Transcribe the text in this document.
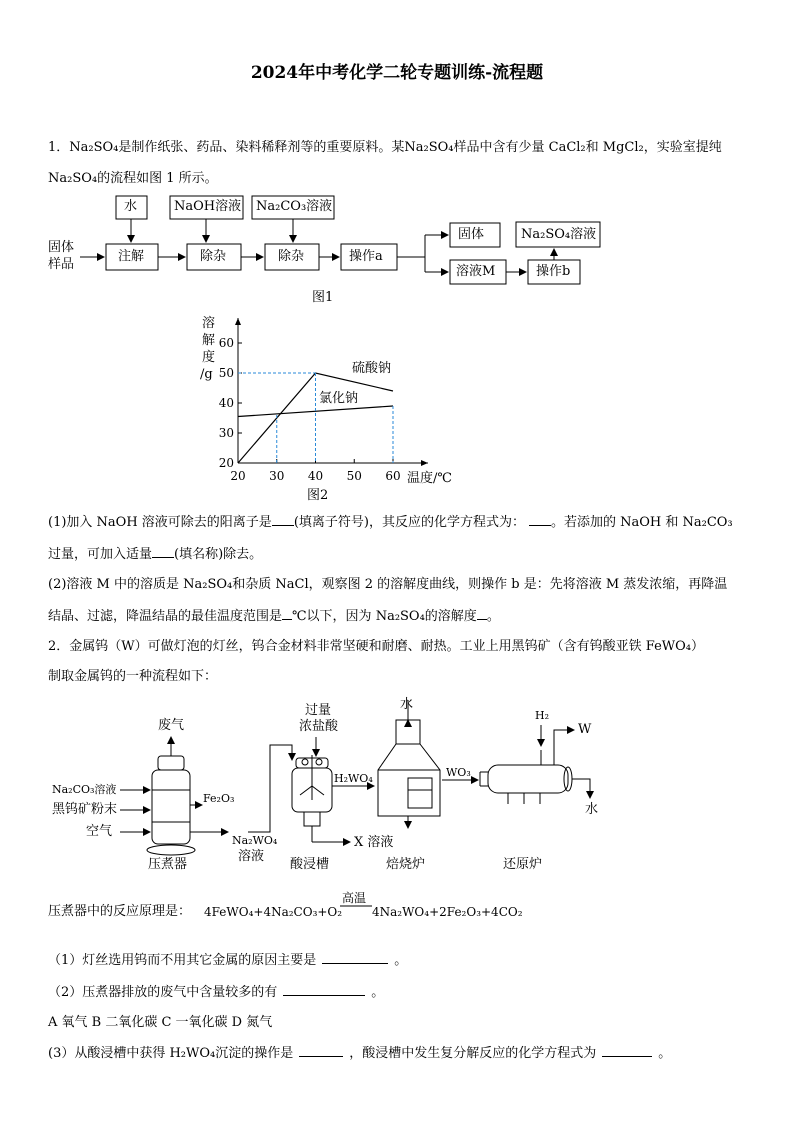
2024年中考化学二轮专题训练-流程题
1．Na₂SO₄是制作纸张、药品、染料稀释剂等的重要原料。某Na₂SO₄样品中含有少量 CaCl₂和 MgCl₂，实验室提纯
Na₂SO₄的流程如图 1 所示。
固体
样品
水	NaOH溶液 Na₂CO₃溶液
注解	除杂	除杂	操作a
固体
溶液M	操作b
Na₂SO₄溶液
图1
20 30 40 50 60
20
30
40
50
60
溶
解
度
/g
温度/℃
硫酸钠
氯化钠
图2
(1)加入 NaOH 溶液可除去的阳离子是 (填离子符号)，其反应的化学方程式为： 。若添加的 NaOH 和 Na₂CO₃
过量，可加入适量 (填名称)除去。
(2)溶液 M 中的溶质是 Na₂SO₄和杂质 NaCl，观察图 2 的溶解度曲线，则操作 b 是：先将溶液 M 蒸发浓缩，再降温
结晶、过滤，降温结晶的最佳温度范围是 ℃以下，因为 Na₂SO₄的溶解度 。
2．金属钨（W）可做灯泡的灯丝，钨合金材料非常坚硬和耐磨、耐热。工业上用黑钨矿（含有钨酸亚铁 FeWO₄）
制取金属钨的一种流程如下：
废气
Na₂CO₃溶液
黑钨矿粉末
空气
Fe₂O₃
Na₂WO₄
溶液
过量
浓盐酸
H₂WO₄
X 溶液
水
WO₃
H₂
W
水
压煮器	酸浸槽	焙烧炉	还原炉
压煮器中的反应原理是： 4FeWO₄+4Na₂CO₃+O₂
高温
4Na₂WO₄+2Fe₂O₃+4CO₂
（1）灯丝选用钨而不用其它金属的原因主要是	。
（2）压煮器排放的废气中含量较多的有	。
A 氧气 B 二氧化碳 C 一氧化碳 D 氮气
(3）从酸浸槽中获得 H₂WO₄沉淀的操作是	，酸浸槽中发生复分解反应的化学方程式为	。
